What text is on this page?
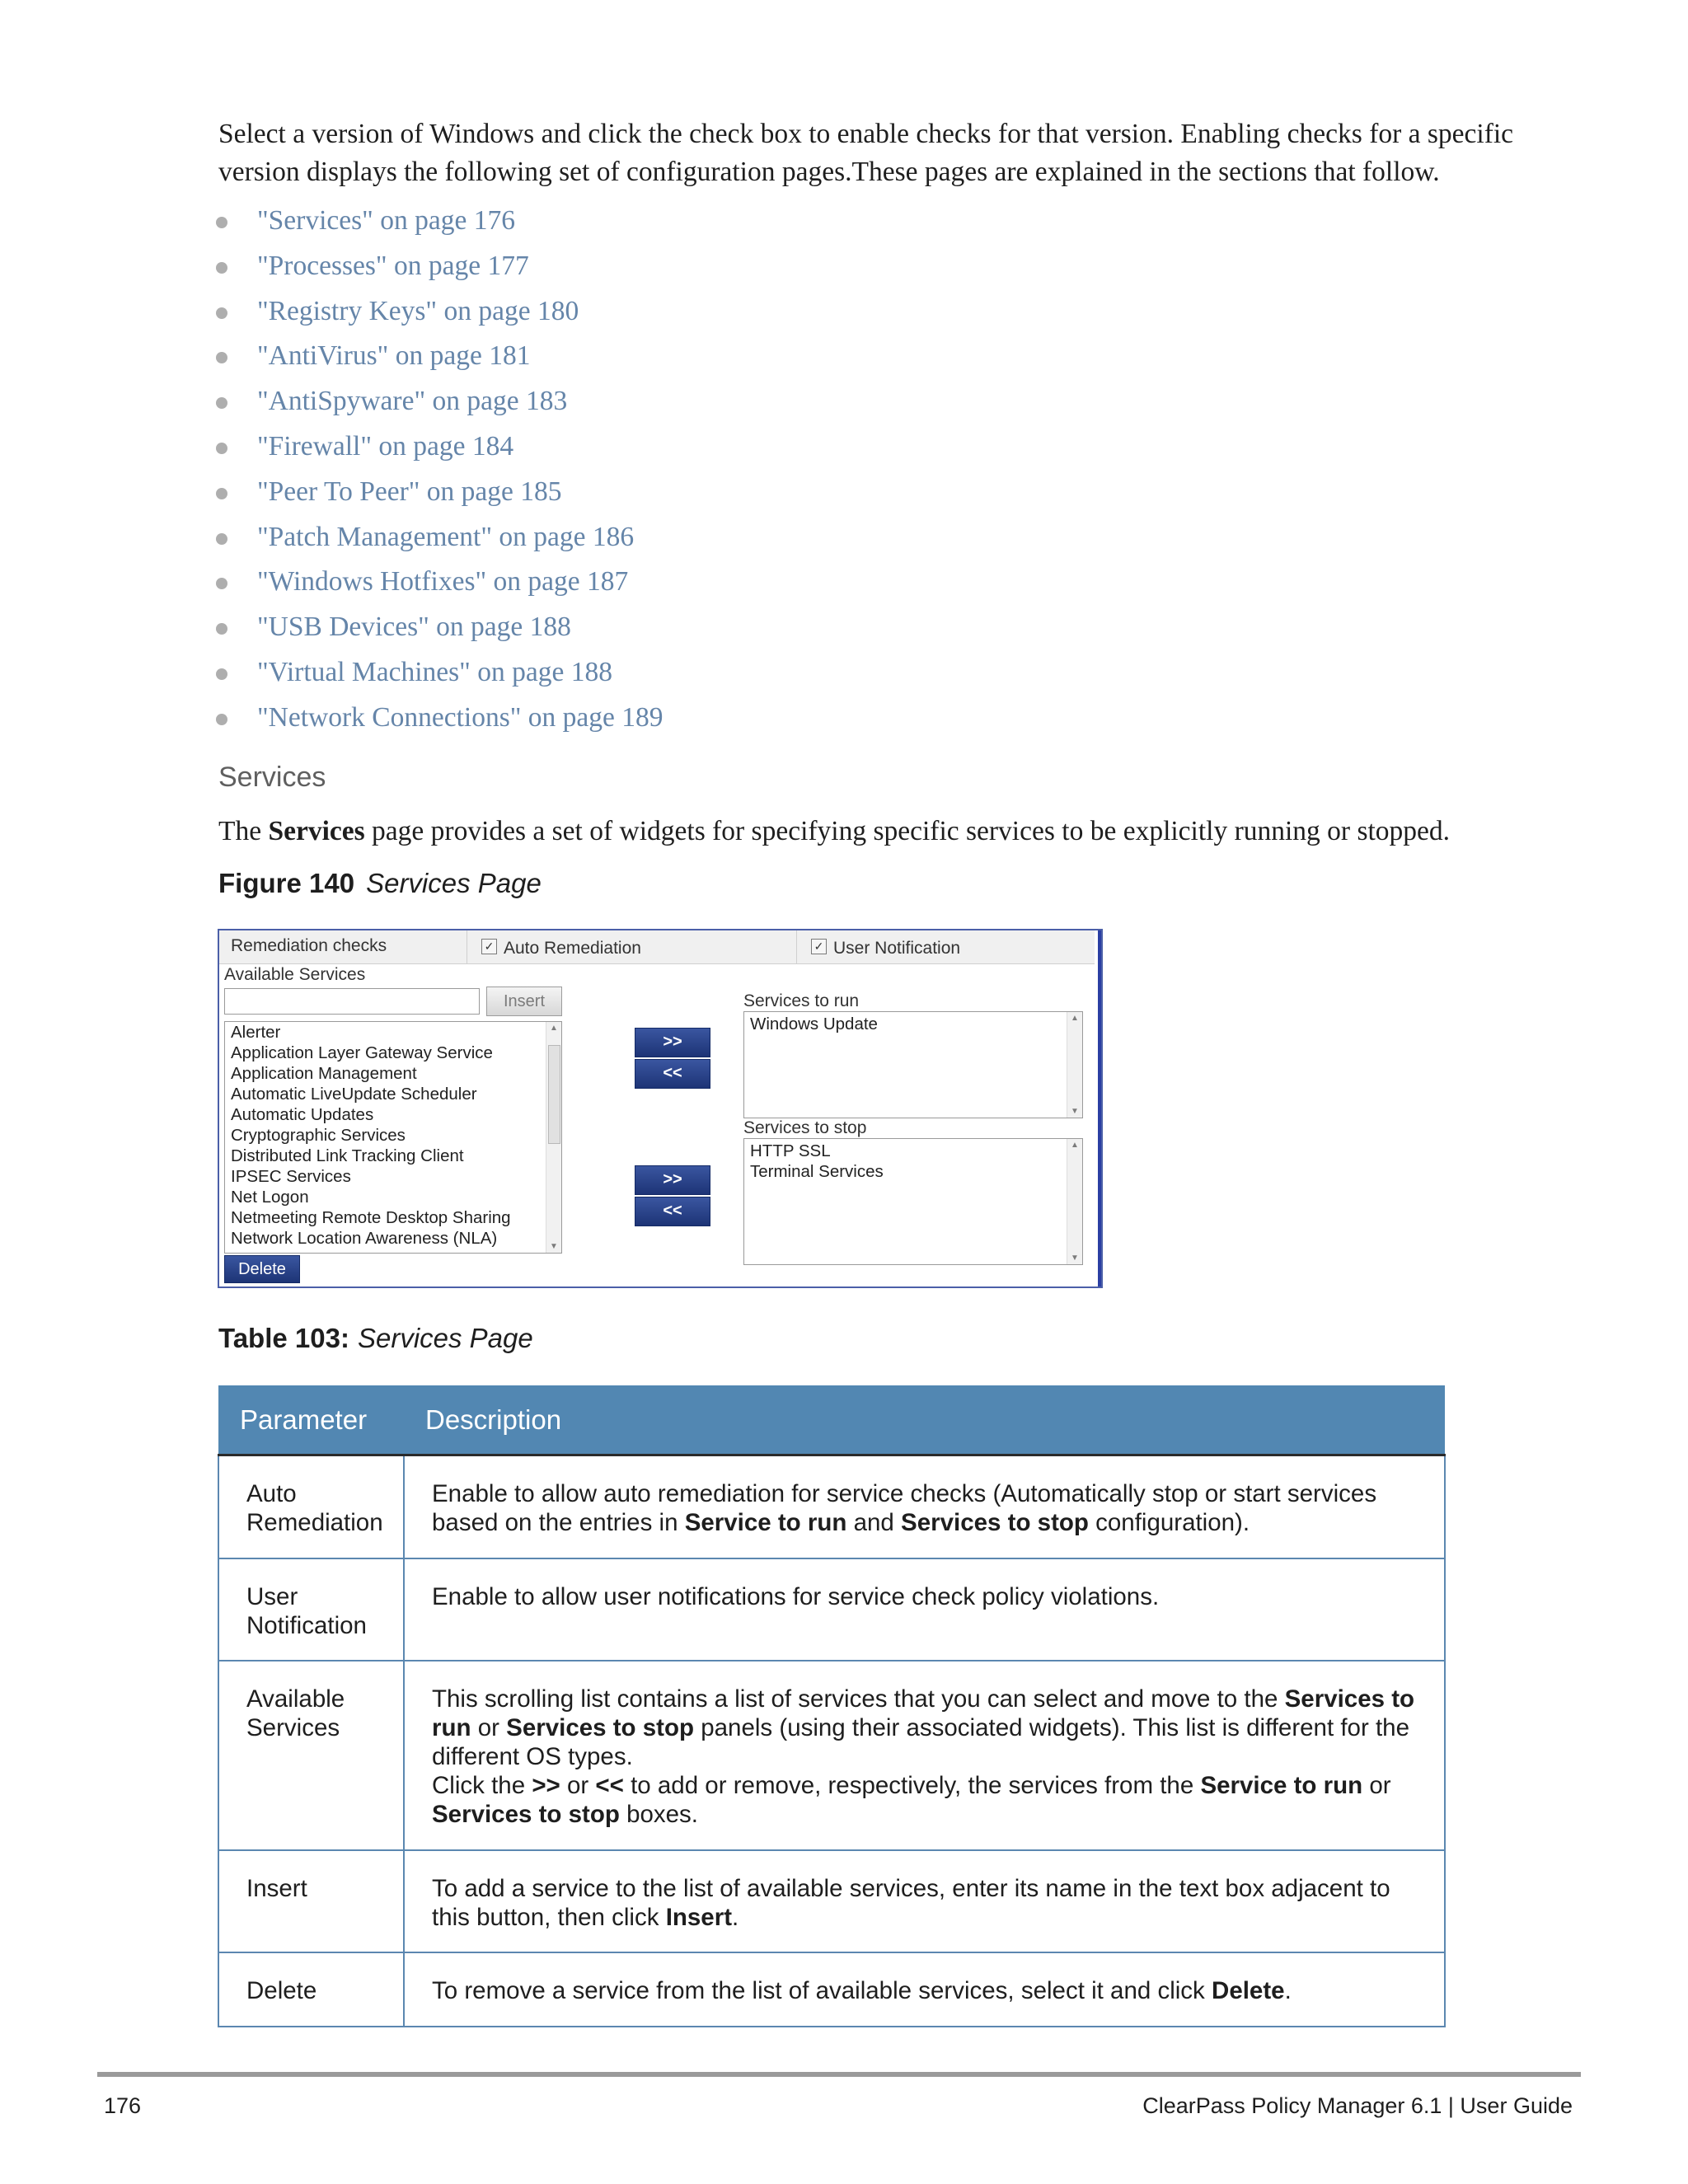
Select a version of Windows and click the check box to enable checks for that version. Enabling checks for a specific version displays the following set of configuration pages.These pages are explained in the sections that follow.

"Services" on page 176
"Processes" on page 177
"Registry Keys" on page 180
"AntiVirus" on page 181
"AntiSpyware" on page 183
"Firewall" on page 184
"Peer To Peer" on page 185
"Patch Management" on page 186
"Windows Hotfixes" on page 187
"USB Devices" on page 188
"Virtual Machines" on page 188
"Network Connections" on page 189
Services

The Services page provides a set of widgets for specifying specific services to be explicitly running or stopped.

Figure 140 Services Page

Remediation checks	✓ Auto Remediation	✓ User Notification
Available Services
Insert
Alerter
Application Layer Gateway Service
Application Management
Automatic LiveUpdate Scheduler
Automatic Updates
Cryptographic Services
Distributed Link Tracking Client
IPSEC Services
Net Logon
Netmeeting Remote Desktop Sharing
Network Location Awareness (NLA)
▲
▼
>>
<<
>>
<<
Services to run
Windows Update	▲
▼
Services to stop
HTTP SSL
Terminal Services
▲
▼
Delete

Table 103: Services Page

Parameter	Description
Auto Remediation	Enable to allow auto remediation for service checks (Automatically stop or start services based on the entries in Service to run and Services to stop configuration).
User Notification	Enable to allow user notifications for service check policy violations.
Available Services	This scrolling list contains a list of services that you can select and move to the Services to run or Services to stop panels (using their associated widgets). This list is different for the different OS types.
Click the >> or << to add or remove, respectively, the services from the Service to run or Services to stop boxes.
Insert	To add a service to the list of available services, enter its name in the text box adjacent to this button, then click Insert.
Delete	To remove a service from the list of available services, select it and click Delete.

176	ClearPass Policy Manager 6.1 | User Guide
